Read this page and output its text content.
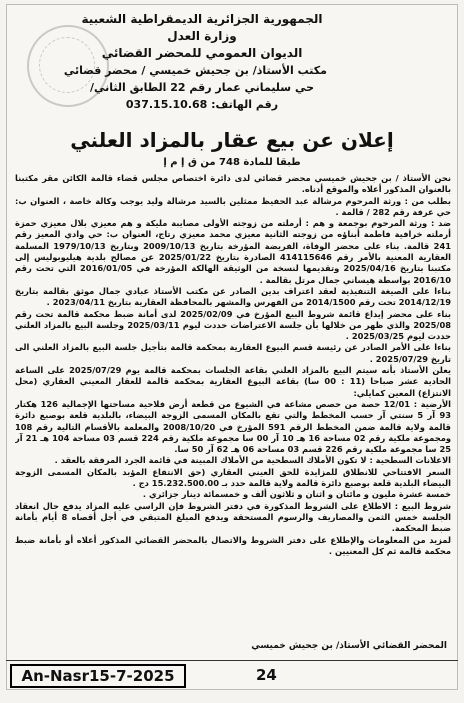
الجمهورية الجزائرية الديمقراطية الشعبية
وزارة العدل
الديوان العمومي للمحضر القضائي
مكتب الأستاذ/ بن جحيش خميسي / محضر قضائي
حي سليماني عمار رقم 22 الطابق الثاني/
رقم الهاتف: 037.15.10.68
إعلان عن بيع عقار بالمزاد العلني
طبقا للمادة 748 من ق إ م إ

نحن الأستاذ / بن جحيش خميسي محضر قضائي لدى دائرة اختصاص مجلس قضاء قالمة الكائن مقر مكتبنا بالعنوان المذكور أعلاه والموقع أدناه.

بطلب من : ورثة المرحوم مرشالة عبد الحفيظ ممثلين بالسيد مرشالة وليد يوجب وكالة خاصة ، العنوان ب: حي عرفة رقم 282 / قالمة .

ضد : ورثة المرحوم بوجمعة و هم : أرملته من زوجته الأولى مصايبة مليكة و هم معيزي بلال معيزي حمزة أرملته خرافية فاطمة أبناؤه من زوجته الثانية معيزي محمد معيزي رتاج، العنوان ب: حي وادي المعيز رقم 241 قالمة. بناء على محضر الوفاة، الفريضة المؤرخة بتاريخ 2009/10/13 وبتاريخ 1979/10/13 المسلمة العقارية المعنية بالأمر رقم 414115646 الصادرة بتاريخ 2025/01/22 عن مصالح بلدية هيليوبوليس إلى مكتبنا بتاريخ 2025/04/16 وتقديمها لنسخة من الوثيقة الهالكة المؤرخة في 2016/01/05 التي تحت رقم 2016/10 بواسطة هيساني جمال مرتل بقالمة .

بناءا على الصيغة التنفيذية لعقد اعتراف بدين الصادر عن مكتب الأستاذ عبادي جمال موثق بقالمة بتاريخ 2014/12/19 تحت رقم 2014/1500 من الفهرس والمشهر بالمحافظة العقارية بتاريخ 2023/04/11 .

بناء على محضر إيداع قائمة شروط البيع المؤرخ في 2025/02/09 لدى أمانة ضبط محكمة قالمة تحت رقم 2025/08 والذي ظهر من خلالها بأن جلسة الاعتراضات حددت ليوم 2025/03/11 وجلسة البيع بالمزاد العلني حددت ليوم 2025/03/25 .

بناءا على الأمر الصادر عن رئيسة قسم البيوع العقارية بمحكمة قالمة بتأجيل جلسة البيع بالمزاد العلني الى تاريخ 2025/07/29 .

يعلن الأستاذ بأنه سيتم البيع بالمزاد العلني بقاعة الجلسات بمحكمة قالمة يوم 2025/07/29 على الساعة الحادية عشر صباحا (11 : 00 سا) بقاعة البيوع العقارية بمحكمة قالمة للعقار المعيني العقاري (محل الانتزاع) المعين كمايلي:

الأرضية : 12/01 حصة من حصص مشاعة في الشيوع من قطعة أرض فلاحية مساحتها الإجمالية 126 هكتار 93 آر 5 سنتي آر حسب المخطط والتي تقع بالمكان المسمى الزوجة البيضاء، بالبلدية قلعة بوصبع دائرة قالمة ولاية قالمة ضمن المخطط الرقم 591 المؤرخ في 2008/10/20 والمعلمة بالأقسام التالية رقم 108 ومجموعة ملكية رقم 02 مساحة 16 هـ 10 آر 00 سا مجموعة ملكية رقم 224 قسم 03 مساحة 104 هـ 21 آر 25 سا مجموعة ملكية رقم 226 قسم 03 مساحة 06 هـ 62 آر 50 سا.

الاعلانات السطحية : لا تكون الأملاك السطحية من الأملاك المبينة في قائمة الجرد المرفقة بالعقد .

السعر الافتتاحي للانطلاق للمزايدة للحق العيني العقاري (حق الانتفاع المؤبد بالمكان المسمى الزوجة البيضاء البلدية قلعة بوصبع دائرة قالمة ولاية قالمة حدد بـ 15.232.500.00 دج .

خمسة عشرة مليون و مائتان و اثنان و ثلاثون ألف و خمسمائة دينار جزائري .

شروط البيع : الاطلاع على الشروط المذكورة في دفتر الشروط فإن الراسي عليه المزاد يدفع حال انعقاد الجلسة خمس الثمن والمصاريف والرسوم المستحقة ويدفع المبلغ المتبقي في أجل أقصاه 8 أيام بأمانة ضبط المحكمة.

لمزيد من المعلومات والإطلاع على دفتر الشروط والاتصال بالمحضر القضائي المذكور أعلاه أو بأمانة ضبط محكمة قالمة ثم كل المعنيين .

المحضر القضائي الأستاذ/ بن جحيش خميسي
An-Nasr15-7-2025	24
